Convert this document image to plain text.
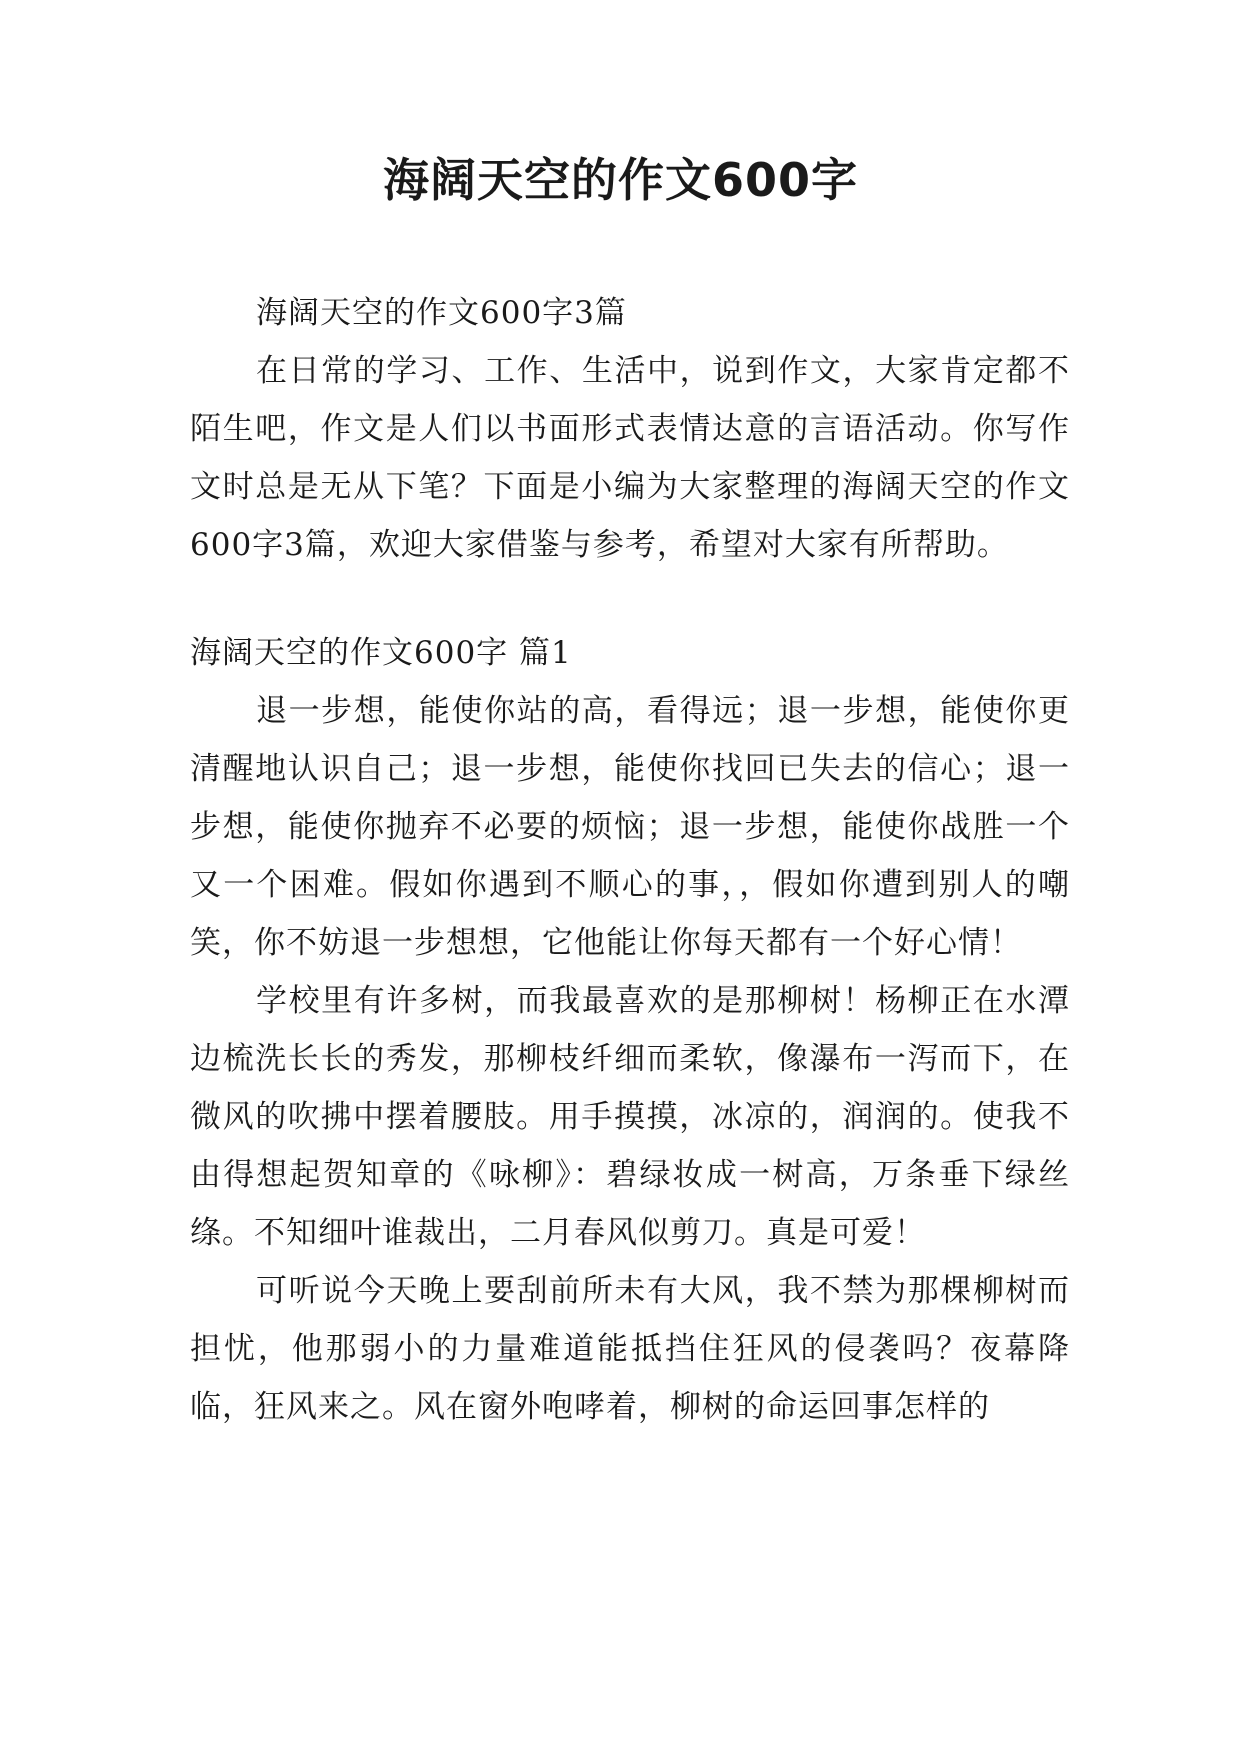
海阔天空的作文600字

海阔天空的作文600字3篇

在日常的学习、工作、生活中，说到作文，大家肯定都不陌生吧，作文是人们以书面形式表情达意的言语活动。你写作文时总是无从下笔？下面是小编为大家整理的海阔天空的作文600字3篇，欢迎大家借鉴与参考，希望对大家有所帮助。

海阔天空的作文600字 篇1

退一步想，能使你站的高，看得远；退一步想，能使你更清醒地认识自己；退一步想，能使你找回已失去的信心；退一步想，能使你抛弃不必要的烦恼；退一步想，能使你战胜一个又一个困难。假如你遇到不顺心的事，，假如你遭到别人的嘲笑，你不妨退一步想想，它他能让你每天都有一个好心情！

学校里有许多树，而我最喜欢的是那柳树！杨柳正在水潭边梳洗长长的秀发，那柳枝纤细而柔软，像瀑布一泻而下，在微风的吹拂中摆着腰肢。用手摸摸，冰凉的，润润的。使我不由得想起贺知章的《咏柳》：碧绿妆成一树高，万条垂下绿丝绦。不知细叶谁裁出，二月春风似剪刀。真是可爱！

可听说今天晚上要刮前所未有大风，我不禁为那棵柳树而担忧，他那弱小的力量难道能抵挡住狂风的侵袭吗？夜幕降临，狂风来之。风在窗外咆哮着，柳树的命运回事怎样的
